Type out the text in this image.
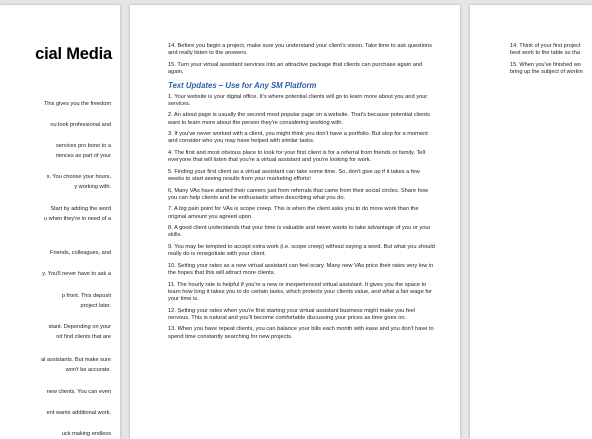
cial Media
This gives you the freedom
ou look professional and
services pro bono to a
riences as part of your
s. You choose your hours,
y working with.
Start by adding the word
u when they're in need of a
Friends, colleagues, and
y. You'll never have to ask a
p front. This deposit
project later.
stant. Depending on your
nd find clients that are
al assistants. But make sure
won't be accurate.
new clients. You can even
ent wants additional work,
uck making endless

14. Before you begin a project, make sure you understand your client's vision. Take time to ask questions and really listen to the answers.

15. Turn your virtual assistant services into an attractive package that clients can purchase again and again.

Text Updates – Use for Any SM Platform

1. Your website is your digital office. It's where potential clients will go to learn more about you and your services.

2. An about page is usually the second most popular page on a website. That's because potential clients want to learn more about the person they're considering working with.

3. If you've never worked with a client, you might think you don't have a portfolio. But stop for a moment and consider who you may have helped with similar tasks.

4. The first and most obvious place to look for your first client is for a referral from friends or family. Tell everyone that will listen that you're a virtual assistant and you're looking for work.

5. Finding your first client as a virtual assistant can take some time. So, don't give up if it takes a few weeks to start seeing results from your marketing efforts!

6. Many VAs have started their careers just from referrals that came from their social circles. Share how you can help clients and be enthusiastic when describing what you do.

7. A big pain point for VAs is scope creep. This is when the client asks you to do more work than the original amount you agreed upon.

8. A good client understands that your time is valuable and never wants to take advantage of you or your skills.

9. You may be tempted to accept extra work (i.e. scope creep) without saying a word. But what you should really do is renegotiate with your client.

10. Setting your rates as a new virtual assistant can feel scary. Many new VAs price their rates very low in the hopes that this will attract more clients.

11. The hourly rate is helpful if you're a new or inexperienced virtual assistant. It gives you the space to learn how long it takes you to do certain tasks, which protects your clients value, and what a fair wage for your time is.

12. Setting your rates when you're first starting your virtual assistant business might make you feel nervous. This is natural and you'll become comfortable discussing your prices as time goes on.

13. When you have repeat clients, you can balance your bills each month with ease and you don't have to spend time constantly searching for new projects.

14. Think of your first project
best work to the table so tha

15. When you've finished wo
bring up the subject of workin
